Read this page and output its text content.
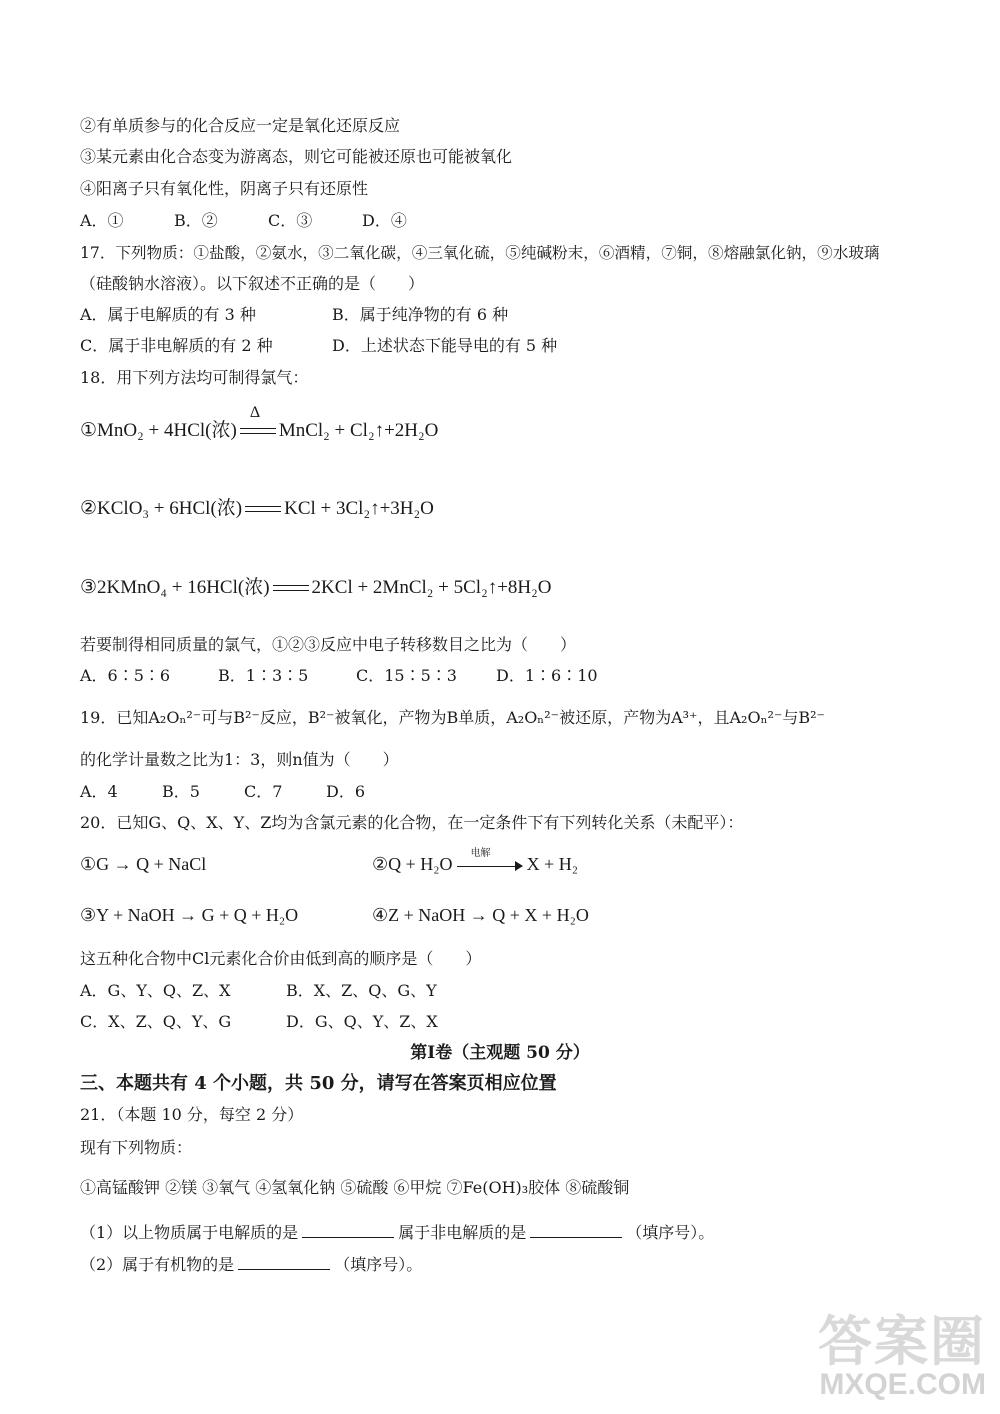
②有单质参与的化合反应一定是氧化还原反应
③某元素由化合态变为游离态，则它可能被还原也可能被氧化
④阳离子只有氧化性，阴离子只有还原性
A．①	B．②	C．③	D．④
17．下列物质：①盐酸，②氨水，③二氧化碳，④三氧化硫，⑤纯碱粉末，⑥酒精，⑦铜，⑧熔融氯化钠，⑨水玻璃
（硅酸钠水溶液）。以下叙述不正确的是（　　）
A．属于电解质的有 3 种	B．属于纯净物的有 6 种
C．属于非电解质的有 2 种	D．上述状态下能导电的有 5 种
18．用下列方法均可制得氯气：
①MnO₂ + 4HCl(浓)
Δ
MnCl₂ + Cl₂↑+2H₂O
②KClO₃ + 6HCl(浓) KCl + 3Cl₂↑+3H₂O
③2KMnO₄ + 16HCl(浓) 2KCl + 2MnCl₂ + 5Cl₂↑+8H₂O
若要制得相同质量的氯气，①②③反应中电子转移数目之比为（　　）
A．6∶5∶6	B．1∶3∶5	C．15∶5∶3 D．1∶6∶10
19．已知A₂Oₙ²⁻可与B²⁻反应，B²⁻被氧化，产物为B单质，A₂Oₙ²⁻被还原，产物为A³⁺，且A₂Oₙ²⁻与B²⁻
的化学计量数之比为1：3，则n值为（　　）
A．4	B．5	C．7	D．6
20．已知G、Q、X、Y、Z均为含氯元素的化合物，在一定条件下有下列转化关系（未配平）：
①G → Q + NaCl	②Q + H₂O
电解
X + H₂
③Y + NaOH → G + Q + H₂O	④Z + NaOH → Q + X + H₂O
这五种化合物中Cl元素化合价由低到高的顺序是（　　）
A．G、Y、Q、Z、X	B．X、Z、Q、G、Y
C．X、Z、Q、Y、G	D．G、Q、Y、Z、X
第Ⅰ卷（主观题 50 分）
三、本题共有 4 个小题，共 50 分，请写在答案页相应位置
21．（本题 10 分，每空 2 分）
现有下列物质：
①高锰酸钾 ②镁 ③氧气 ④氢氧化钠 ⑤硫酸 ⑥甲烷 ⑦Fe(OH)₃胶体 ⑧硫酸铜
（1）以上物质属于电解质的是	属于非电解质的是	（填序号）。
（2）属于有机物的是	（填序号）。
答案圈
MXQE.COM
